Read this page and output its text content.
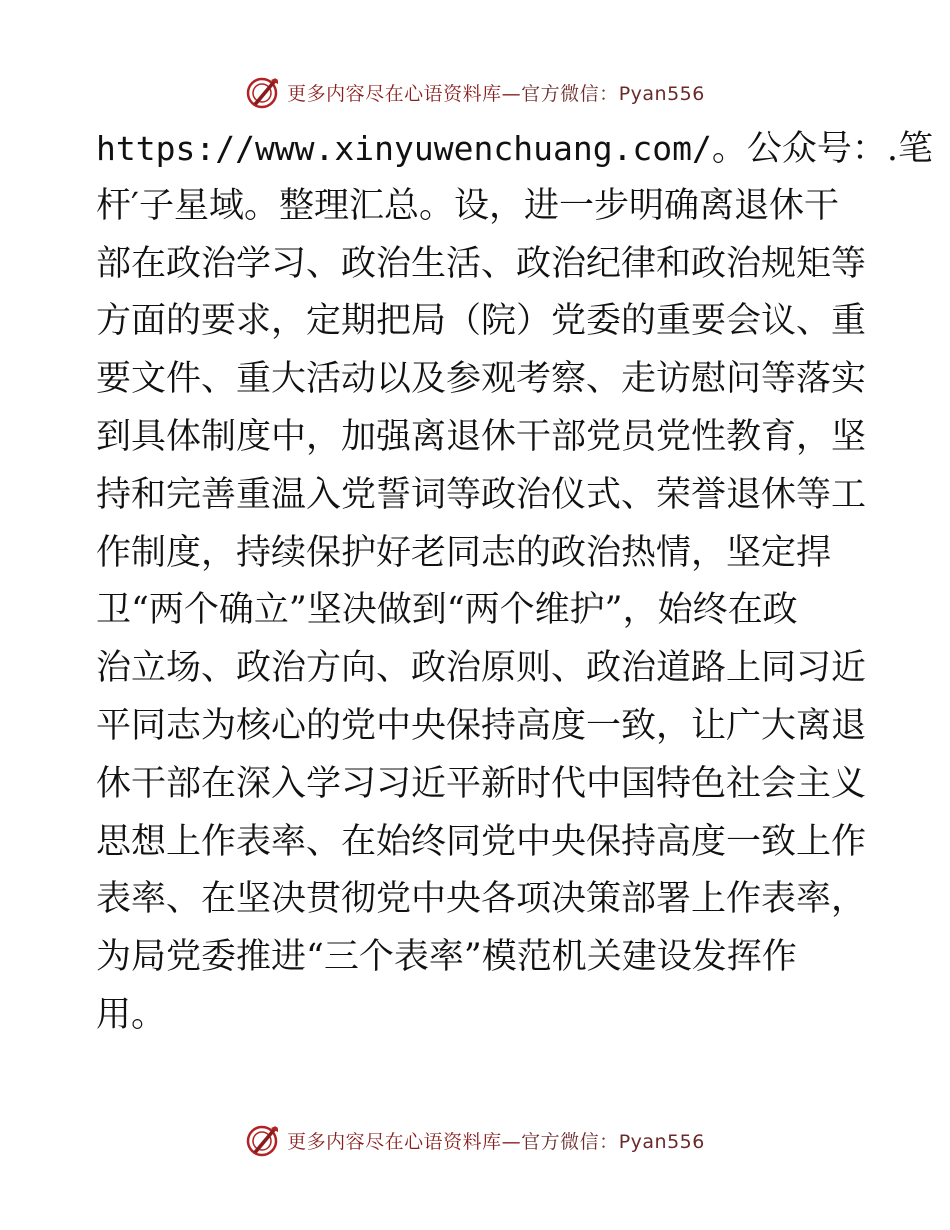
更多内容尽在心语资料库—官方微信：Pyan556
https://www.xinyuwenchuang.com/。公众号：.笔
杆′子星域。整理汇总。设，进一步明确离退休干
部在政治学习、政治生活、政治纪律和政治规矩等
方面的要求，定期把局（院）党委的重要会议、重
要文件、重大活动以及参观考察、走访慰问等落实
到具体制度中，加强离退休干部党员党性教育，坚
持和完善重温入党誓词等政治仪式、荣誉退休等工
作制度，持续保护好老同志的政治热情，坚定捍
卫“两个确立”坚决做到“两个维护”，始终在政
治立场、政治方向、政治原则、政治道路上同习近
平同志为核心的党中央保持高度一致，让广大离退
休干部在深入学习习近平新时代中国特色社会主义
思想上作表率、在始终同党中央保持高度一致上作
表率、在坚决贯彻党中央各项决策部署上作表率，
为局党委推进“三个表率”模范机关建设发挥作
用。
更多内容尽在心语资料库—官方微信：Pyan556
